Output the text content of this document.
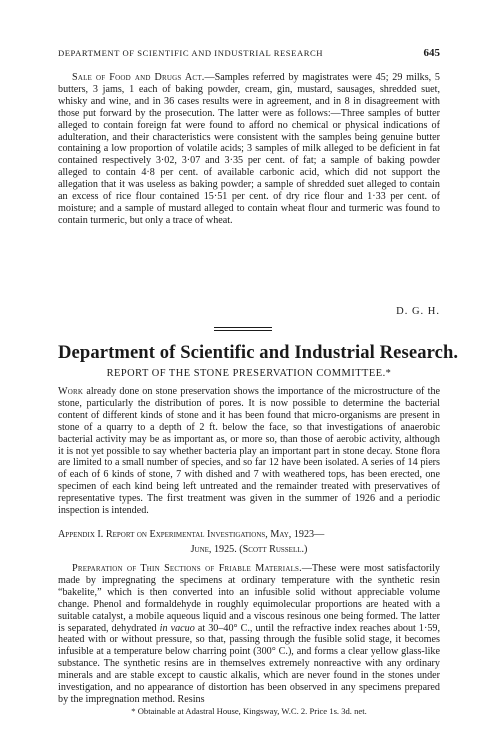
DEPARTMENT OF SCIENTIFIC AND INDUSTRIAL RESEARCH	645

Sale of Food and Drugs Act.—Samples referred by magistrates were 45; 29 milks, 5 butters, 3 jams, 1 each of baking powder, cream, gin, mustard, sausages, shredded suet, whisky and wine, and in 36 cases results were in agreement, and in 8 in disagreement with those put forward by the prosecution. The latter were as follows:—Three samples of butter alleged to contain foreign fat were found to afford no chemical or physical indications of adulteration, and their characteristics were consistent with the samples being genuine butter containing a low proportion of volatile acids; 3 samples of milk alleged to be deficient in fat contained respectively 3·02, 3·07 and 3·35 per cent. of fat; a sample of baking powder alleged to contain 4·8 per cent. of available carbonic acid, which did not support the allegation that it was useless as baking powder; a sample of shredded suet alleged to contain an excess of rice flour contained 15·51 per cent. of dry rice flour and 1·33 per cent. of moisture; and a sample of mustard alleged to contain wheat flour and turmeric was found to contain turmeric, but only a trace of wheat.

D. G. H.
Department of Scientific and Industrial Research.
REPORT OF THE STONE PRESERVATION COMMITTEE.*

Work already done on stone preservation shows the importance of the microstructure of the stone, particularly the distribution of pores. It is now possible to determine the bacterial content of different kinds of stone and it has been found that micro-organisms are present in stone of a quarry to a depth of 2 ft. below the face, so that investigations of anaerobic bacterial activity may be as important as, or more so, than those of aerobic activity, although it is not yet possible to say whether bacteria play an important part in stone decay. Stone flora are limited to a small number of species, and so far 12 have been isolated. A series of 14 piers of each of 6 kinds of stone, 7 with dished and 7 with weathered tops, has been erected, one specimen of each kind being left untreated and the remainder treated with preservatives of representative types. The first treatment was given in the summer of 1926 and a periodic inspection is intended.

Appendix I. Report on Experimental Investigations, May, 1923—
June, 1925. (Scott Russell.)

Preparation of Thin Sections of Friable Materials.—These were most satisfactorily made by impregnating the specimens at ordinary temperature with the synthetic resin “bakelite,” which is then converted into an infusible solid without appreciable volume change. Phenol and formaldehyde in roughly equimolecular proportions are heated with a suitable catalyst, a mobile aqueous liquid and a viscous resinous one being formed. The latter is separated, dehydrated in vacuo at 30–40° C., until the refractive index reaches about 1·59, heated with or without pressure, so that, passing through the fusible solid stage, it becomes infusible at a temperature below charring point (300° C.), and forms a clear yellow glass-like substance. The synthetic resins are in themselves extremely nonreactive with any ordinary minerals and are stable except to caustic alkalis, which are never found in the stones under investigation, and no appearance of distortion has been observed in any specimens prepared by the impregnation method. Resins

* Obtainable at Adastral House, Kingsway, W.C. 2. Price 1s. 3d. net.
